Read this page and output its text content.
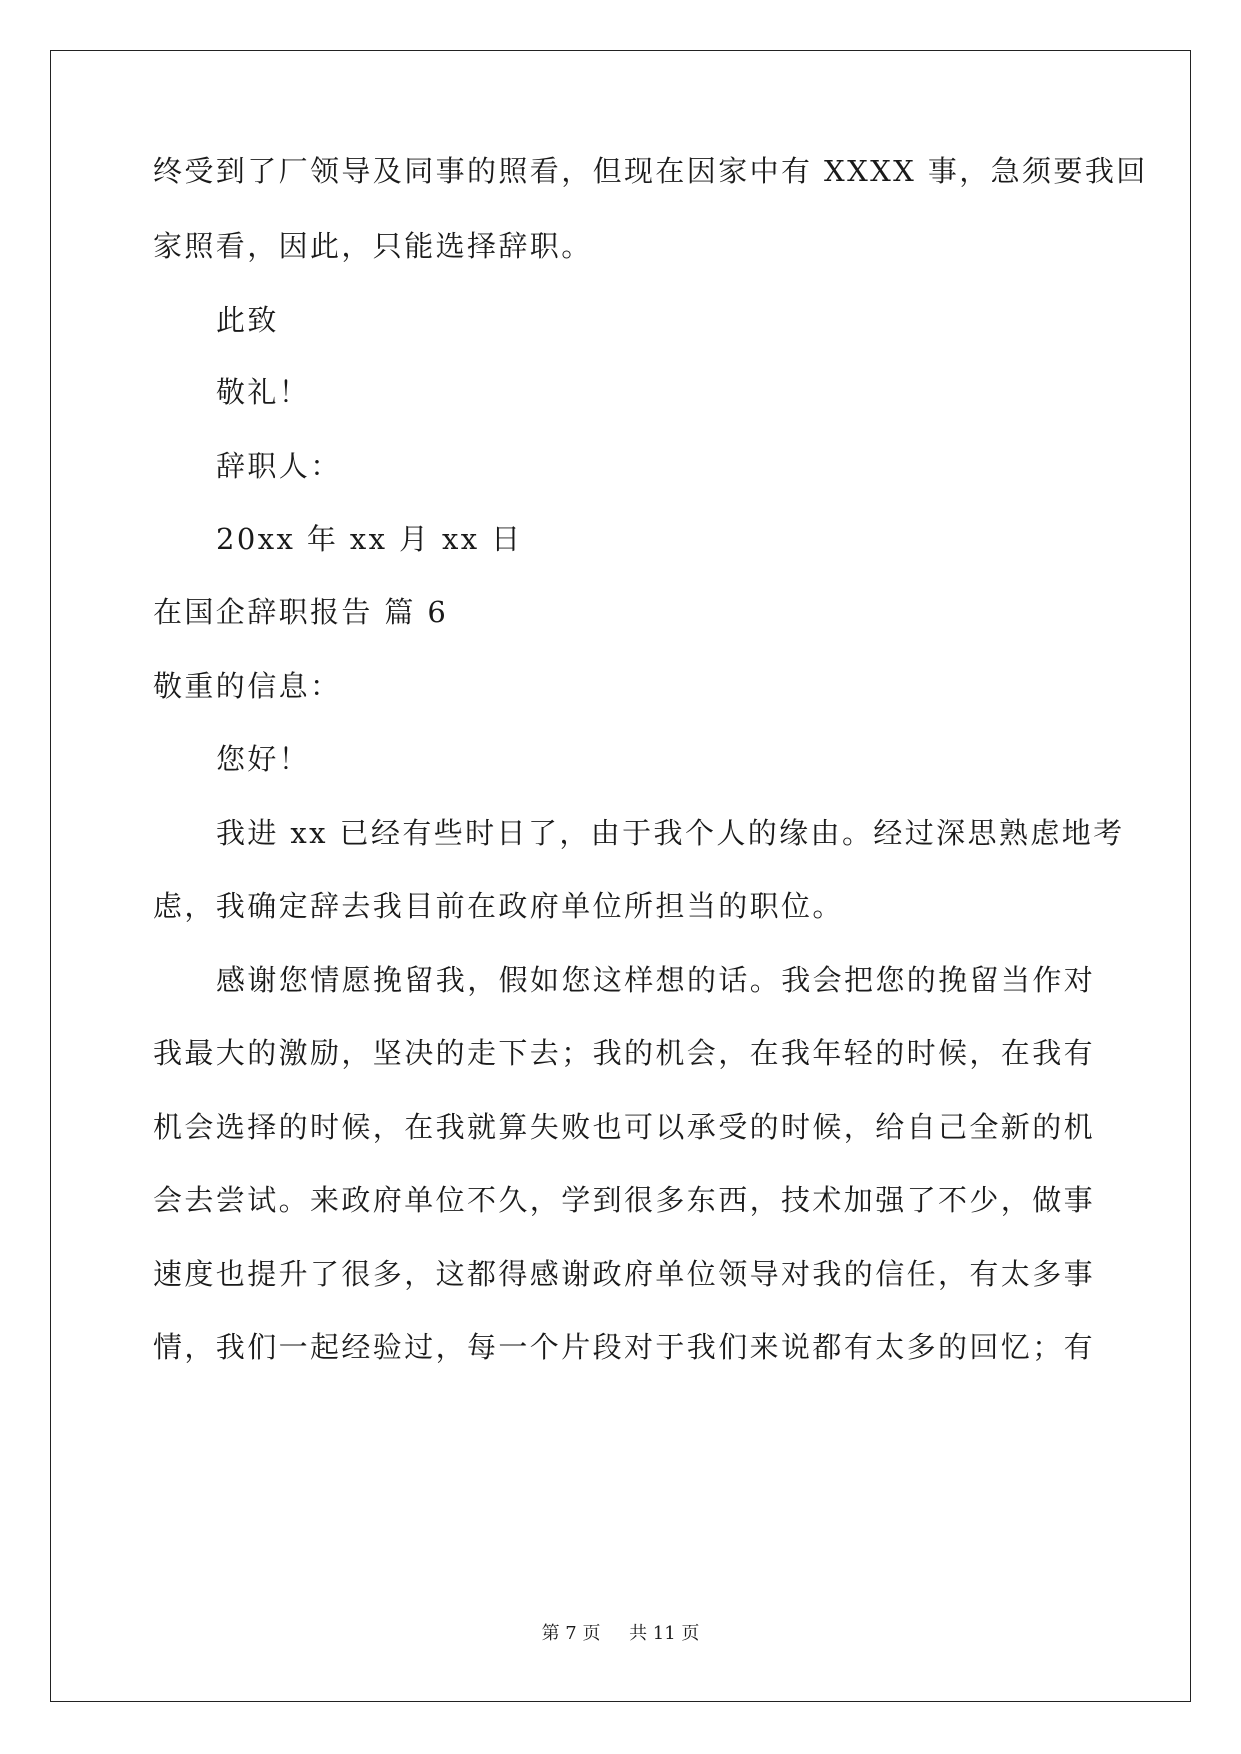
终受到了厂领导及同事的照看，但现在因家中有 XXXX 事，急须要我回
家照看，因此，只能选择辞职。
此致
敬礼！
辞职人：
20xx 年 xx 月 xx 日
在国企辞职报告 篇 6
敬重的信息：
您好！
我进 xx 已经有些时日了，由于我个人的缘由。经过深思熟虑地考
虑，我确定辞去我目前在政府单位所担当的职位。
感谢您情愿挽留我，假如您这样想的话。我会把您的挽留当作对
我最大的激励，坚决的走下去；我的机会，在我年轻的时候，在我有
机会选择的时候，在我就算失败也可以承受的时候，给自己全新的机
会去尝试。来政府单位不久，学到很多东西，技术加强了不少，做事
速度也提升了很多，这都得感谢政府单位领导对我的信任，有太多事
情，我们一起经验过，每一个片段对于我们来说都有太多的回忆；有
第 7 页 共 11 页
